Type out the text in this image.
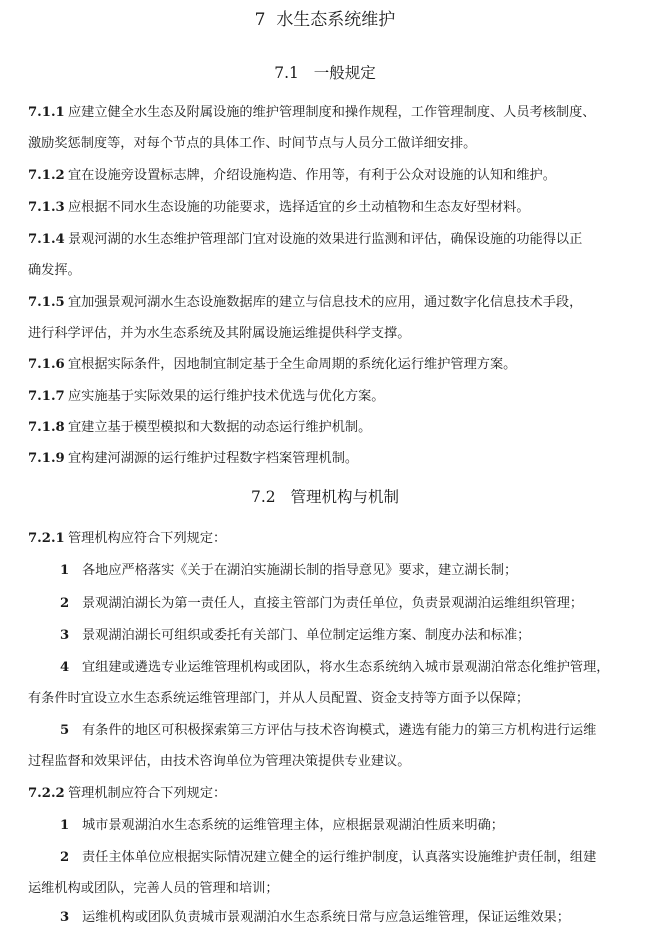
7 水生态系统维护
7.1 一般规定
7.1.1 应建立健全水生态及附属设施的维护管理制度和操作规程，工作管理制度、人员考核制度、
激励奖惩制度等，对每个节点的具体工作、时间节点与人员分工做详细安排。
7.1.2 宜在设施旁设置标志牌，介绍设施构造、作用等，有利于公众对设施的认知和维护。
7.1.3 应根据不同水生态设施的功能要求，选择适宜的乡土动植物和生态友好型材料。
7.1.4 景观河湖的水生态维护管理部门宜对设施的效果进行监测和评估，确保设施的功能得以正
确发挥。
7.1.5 宜加强景观河湖水生态设施数据库的建立与信息技术的应用，通过数字化信息技术手段，
进行科学评估，并为水生态系统及其附属设施运维提供科学支撑。
7.1.6 宜根据实际条件，因地制宜制定基于全生命周期的系统化运行维护管理方案。
7.1.7 应实施基于实际效果的运行维护技术优选与优化方案。
7.1.8 宜建立基于模型模拟和大数据的动态运行维护机制。
7.1.9 宜构建河湖源的运行维护过程数字档案管理机制。
7.2 管理机构与机制
7.2.1 管理机构应符合下列规定：
1 各地应严格落实《关于在湖泊实施湖长制的指导意见》要求，建立湖长制；
2 景观湖泊湖长为第一责任人，直接主管部门为责任单位，负责景观湖泊运维组织管理；
3 景观湖泊湖长可组织或委托有关部门、单位制定运维方案、制度办法和标准；
4 宜组建或遴选专业运维管理机构或团队，将水生态系统纳入城市景观湖泊常态化维护管理，
有条件时宜设立水生态系统运维管理部门，并从人员配置、资金支持等方面予以保障；
5 有条件的地区可积极探索第三方评估与技术咨询模式，遴选有能力的第三方机构进行运维
过程监督和效果评估，由技术咨询单位为管理决策提供专业建议。
7.2.2 管理机制应符合下列规定：
1 城市景观湖泊水生态系统的运维管理主体，应根据景观湖泊性质来明确；
2 责任主体单位应根据实际情况建立健全的运行维护制度，认真落实设施维护责任制，组建
运维机构或团队，完善人员的管理和培训；
3 运维机构或团队负责城市景观湖泊水生态系统日常与应急运维管理，保证运维效果；
